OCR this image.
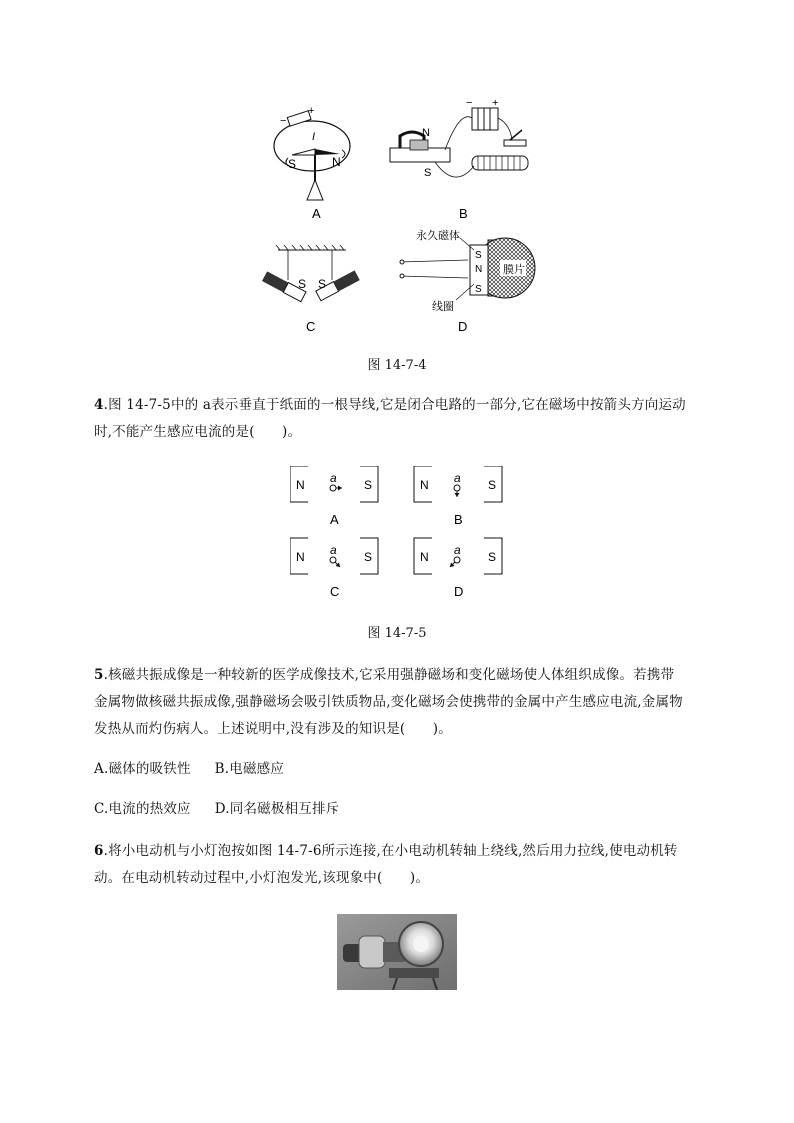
−
+
I
S	N
A
N
S
− +
B
S S
C
膜片
S
N
S
永久磁体
线圈
D
图 14-7-4
4.图 14-7-5中的 a表示垂直于纸面的一根导线,它是闭合电路的一部分,它在磁场中按箭头方向运动
时,不能产生感应电流的是(　　)。
N	S
a
A
N	S
a
B
N	S
a
C
N	S
a
D
图 14-7-5
5.核磁共振成像是一种较新的医学成像技术,它采用强静磁场和变化磁场使人体组织成像。若携带
金属物做核磁共振成像,强静磁场会吸引铁质物品,变化磁场会使携带的金属中产生感应电流,金属物
发热从而灼伤病人。上述说明中,没有涉及的知识是(　　)。
A.磁体的吸铁性 B.电磁感应
C.电流的热效应 D.同名磁极相互排斥
6.将小电动机与小灯泡按如图 14-7-6所示连接,在小电动机转轴上绕线,然后用力拉线,使电动机转
动。在电动机转动过程中,小灯泡发光,该现象中(　　)。
